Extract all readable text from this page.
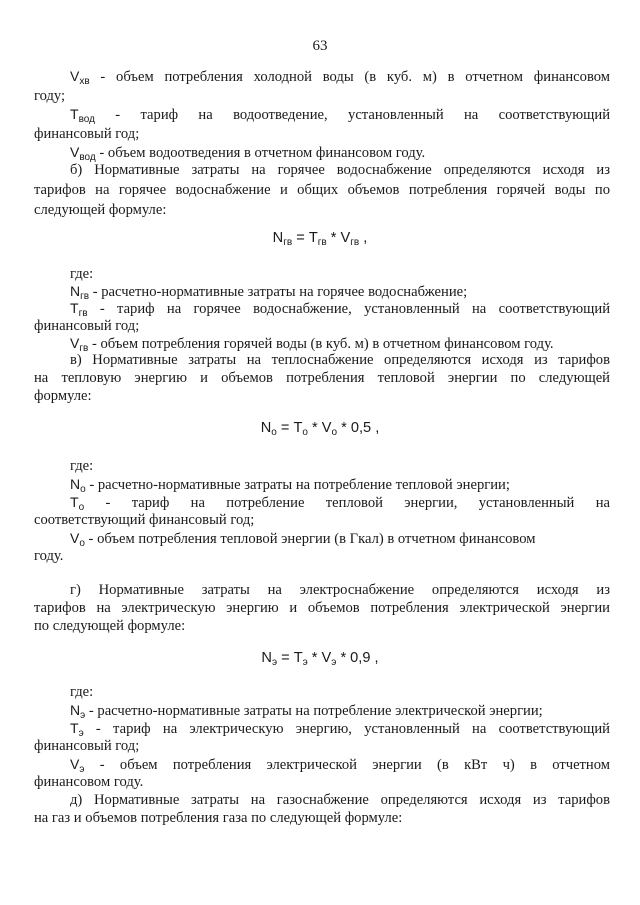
63

$V_{хв}$ - объем потребления холодной воды (в куб. м) в отчетном финансовом

году;

$T_{вод}$ - тариф на водоотведение, установленный на соответствующий

финансовый год;

$V_{вод}$ - объем водоотведения в отчетном финансовом году.

б) Нормативные затраты на горячее водоснабжение определяются исходя из

тарифов на горячее водоснабжение и общих объемов потребления горячей воды по

следующей формуле:

$N_{гв} = T_{гв} * V_{гв}$ ,

где:

$N_{гв}$ - расчетно-нормативные затраты на горячее водоснабжение;

$T_{гв}$ - тариф на горячее водоснабжение, установленный на соответствующий

финансовый год;

$V_{гв}$ - объем потребления горячей воды (в куб. м) в отчетном финансовом году.

в) Нормативные затраты на теплоснабжение определяются исходя из тарифов

на тепловую энергию и объемов потребления тепловой энергии по следующей

формуле:

$N_о = T_о * V_о * 0,5$ ,

где:

$N_о$ - расчетно-нормативные затраты на потребление тепловой энергии;

$T_о$ - тариф на потребление тепловой энергии, установленный на

соответствующий финансовый год;

$V_о$ - объем потребления тепловой энергии (в Гкал) в отчетном финансовом

году.

г) Нормативные затраты на электроснабжение определяются исходя из

тарифов на электрическую энергию и объемов потребления электрической энергии

по следующей формуле:

$N_э = T_э * V_э * 0,9$ ,

где:

$N_э$ - расчетно-нормативные затраты на потребление электрической энергии;

$T_э$ - тариф на электрическую энергию, установленный на соответствующий

финансовый год;

$V_э$ - объем потребления электрической энергии (в кВт ч) в отчетном

финансовом году.

д) Нормативные затраты на газоснабжение определяются исходя из тарифов

на газ и объемов потребления газа по следующей формуле:
